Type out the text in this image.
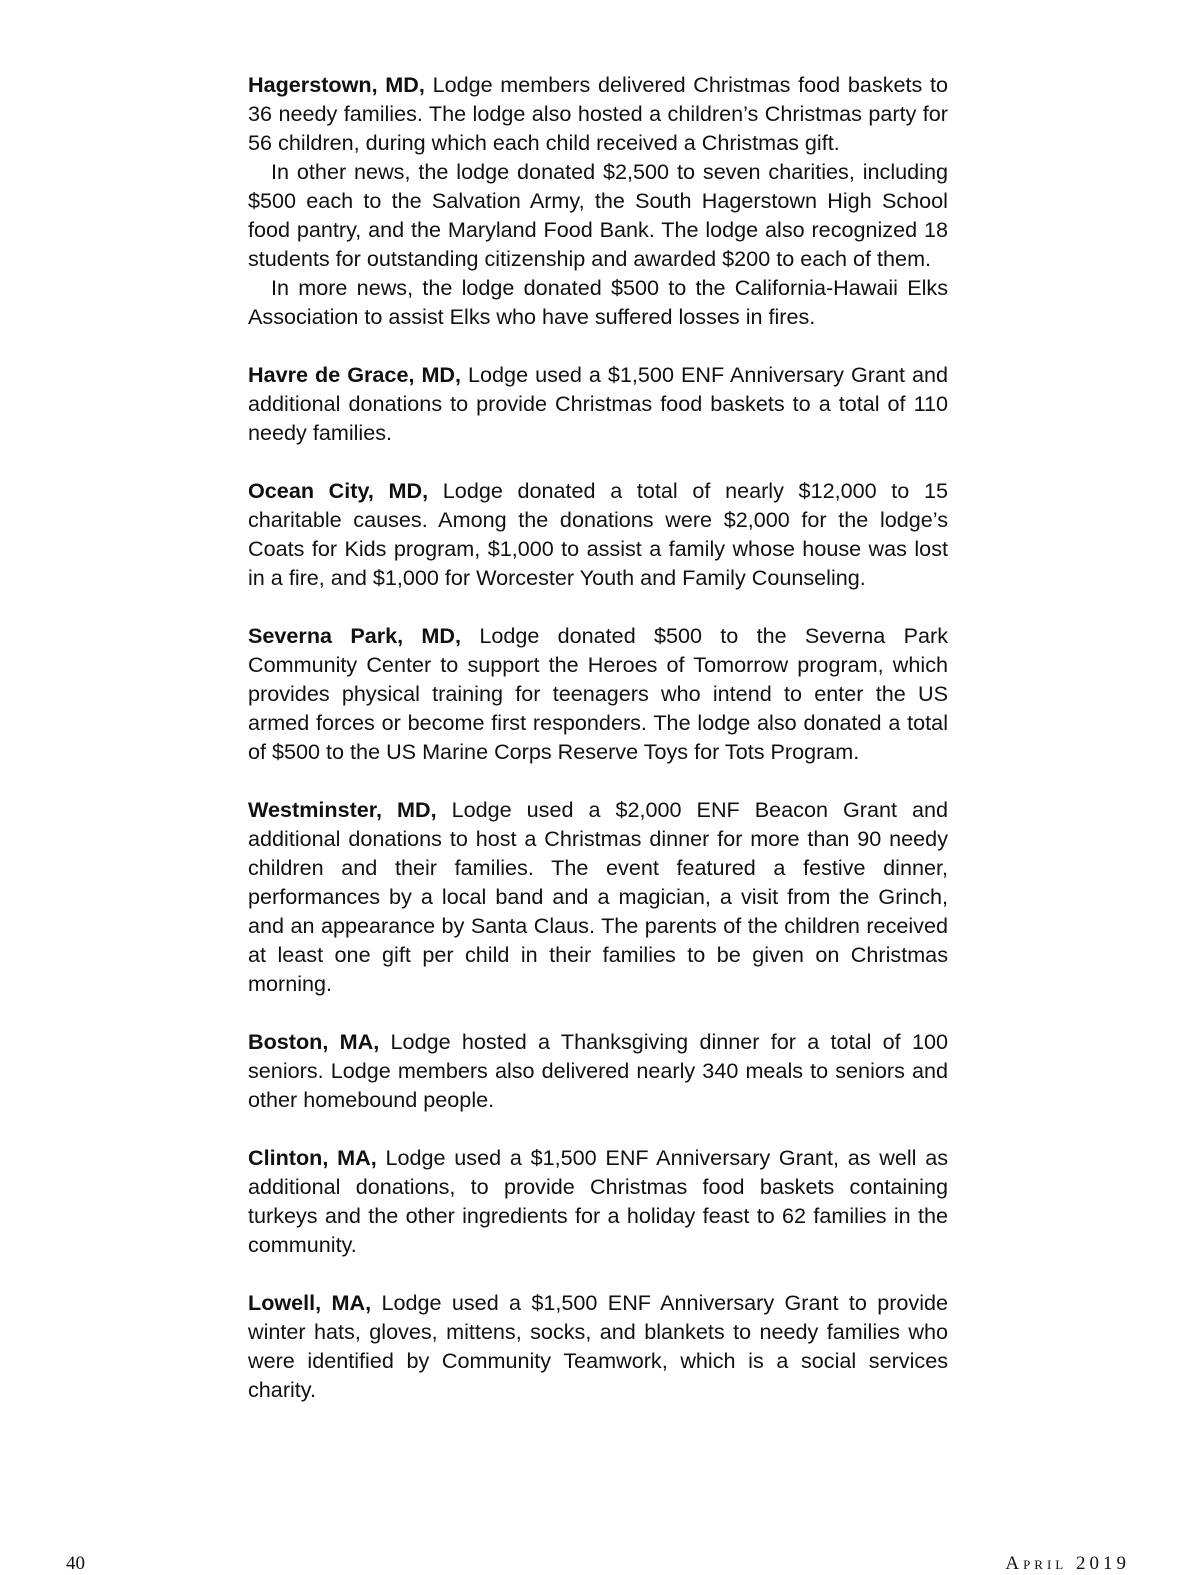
Hagerstown, MD, Lodge members delivered Christmas food baskets to 36 needy families. The lodge also hosted a children’s Christmas party for 56 children, during which each child received a Christmas gift.

In other news, the lodge donated $2,500 to seven charities, including $500 each to the Salvation Army, the South Hagerstown High School food pantry, and the Maryland Food Bank. The lodge also recognized 18 students for outstanding citizenship and awarded $200 to each of them.

In more news, the lodge donated $500 to the California-Hawaii Elks Association to assist Elks who have suffered losses in fires.

Havre de Grace, MD, Lodge used a $1,500 ENF Anniversary Grant and additional donations to provide Christmas food baskets to a total of 110 needy families.

Ocean City, MD, Lodge donated a total of nearly $12,000 to 15 charitable causes. Among the donations were $2,000 for the lodge’s Coats for Kids program, $1,000 to assist a family whose house was lost in a fire, and $1,000 for Worcester Youth and Family Counseling.

Severna Park, MD, Lodge donated $500 to the Severna Park Community Center to support the Heroes of Tomorrow program, which provides physical training for teenagers who intend to enter the US armed forces or become first responders. The lodge also donated a total of $500 to the US Marine Corps Reserve Toys for Tots Program.

Westminster, MD, Lodge used a $2,000 ENF Beacon Grant and additional donations to host a Christmas dinner for more than 90 needy children and their families. The event featured a festive dinner, performances by a local band and a magician, a visit from the Grinch, and an appearance by Santa Claus. The parents of the children received at least one gift per child in their families to be given on Christmas morning.

Boston, MA, Lodge hosted a Thanksgiving dinner for a total of 100 seniors. Lodge members also delivered nearly 340 meals to seniors and other homebound people.

Clinton, MA, Lodge used a $1,500 ENF Anniversary Grant, as well as additional donations, to provide Christmas food baskets containing turkeys and the other ingredients for a holiday feast to 62 families in the community.

Lowell, MA, Lodge used a $1,500 ENF Anniversary Grant to provide winter hats, gloves, mittens, socks, and blankets to needy families who were identified by Community Teamwork, which is a social services charity.

40	April 2019
